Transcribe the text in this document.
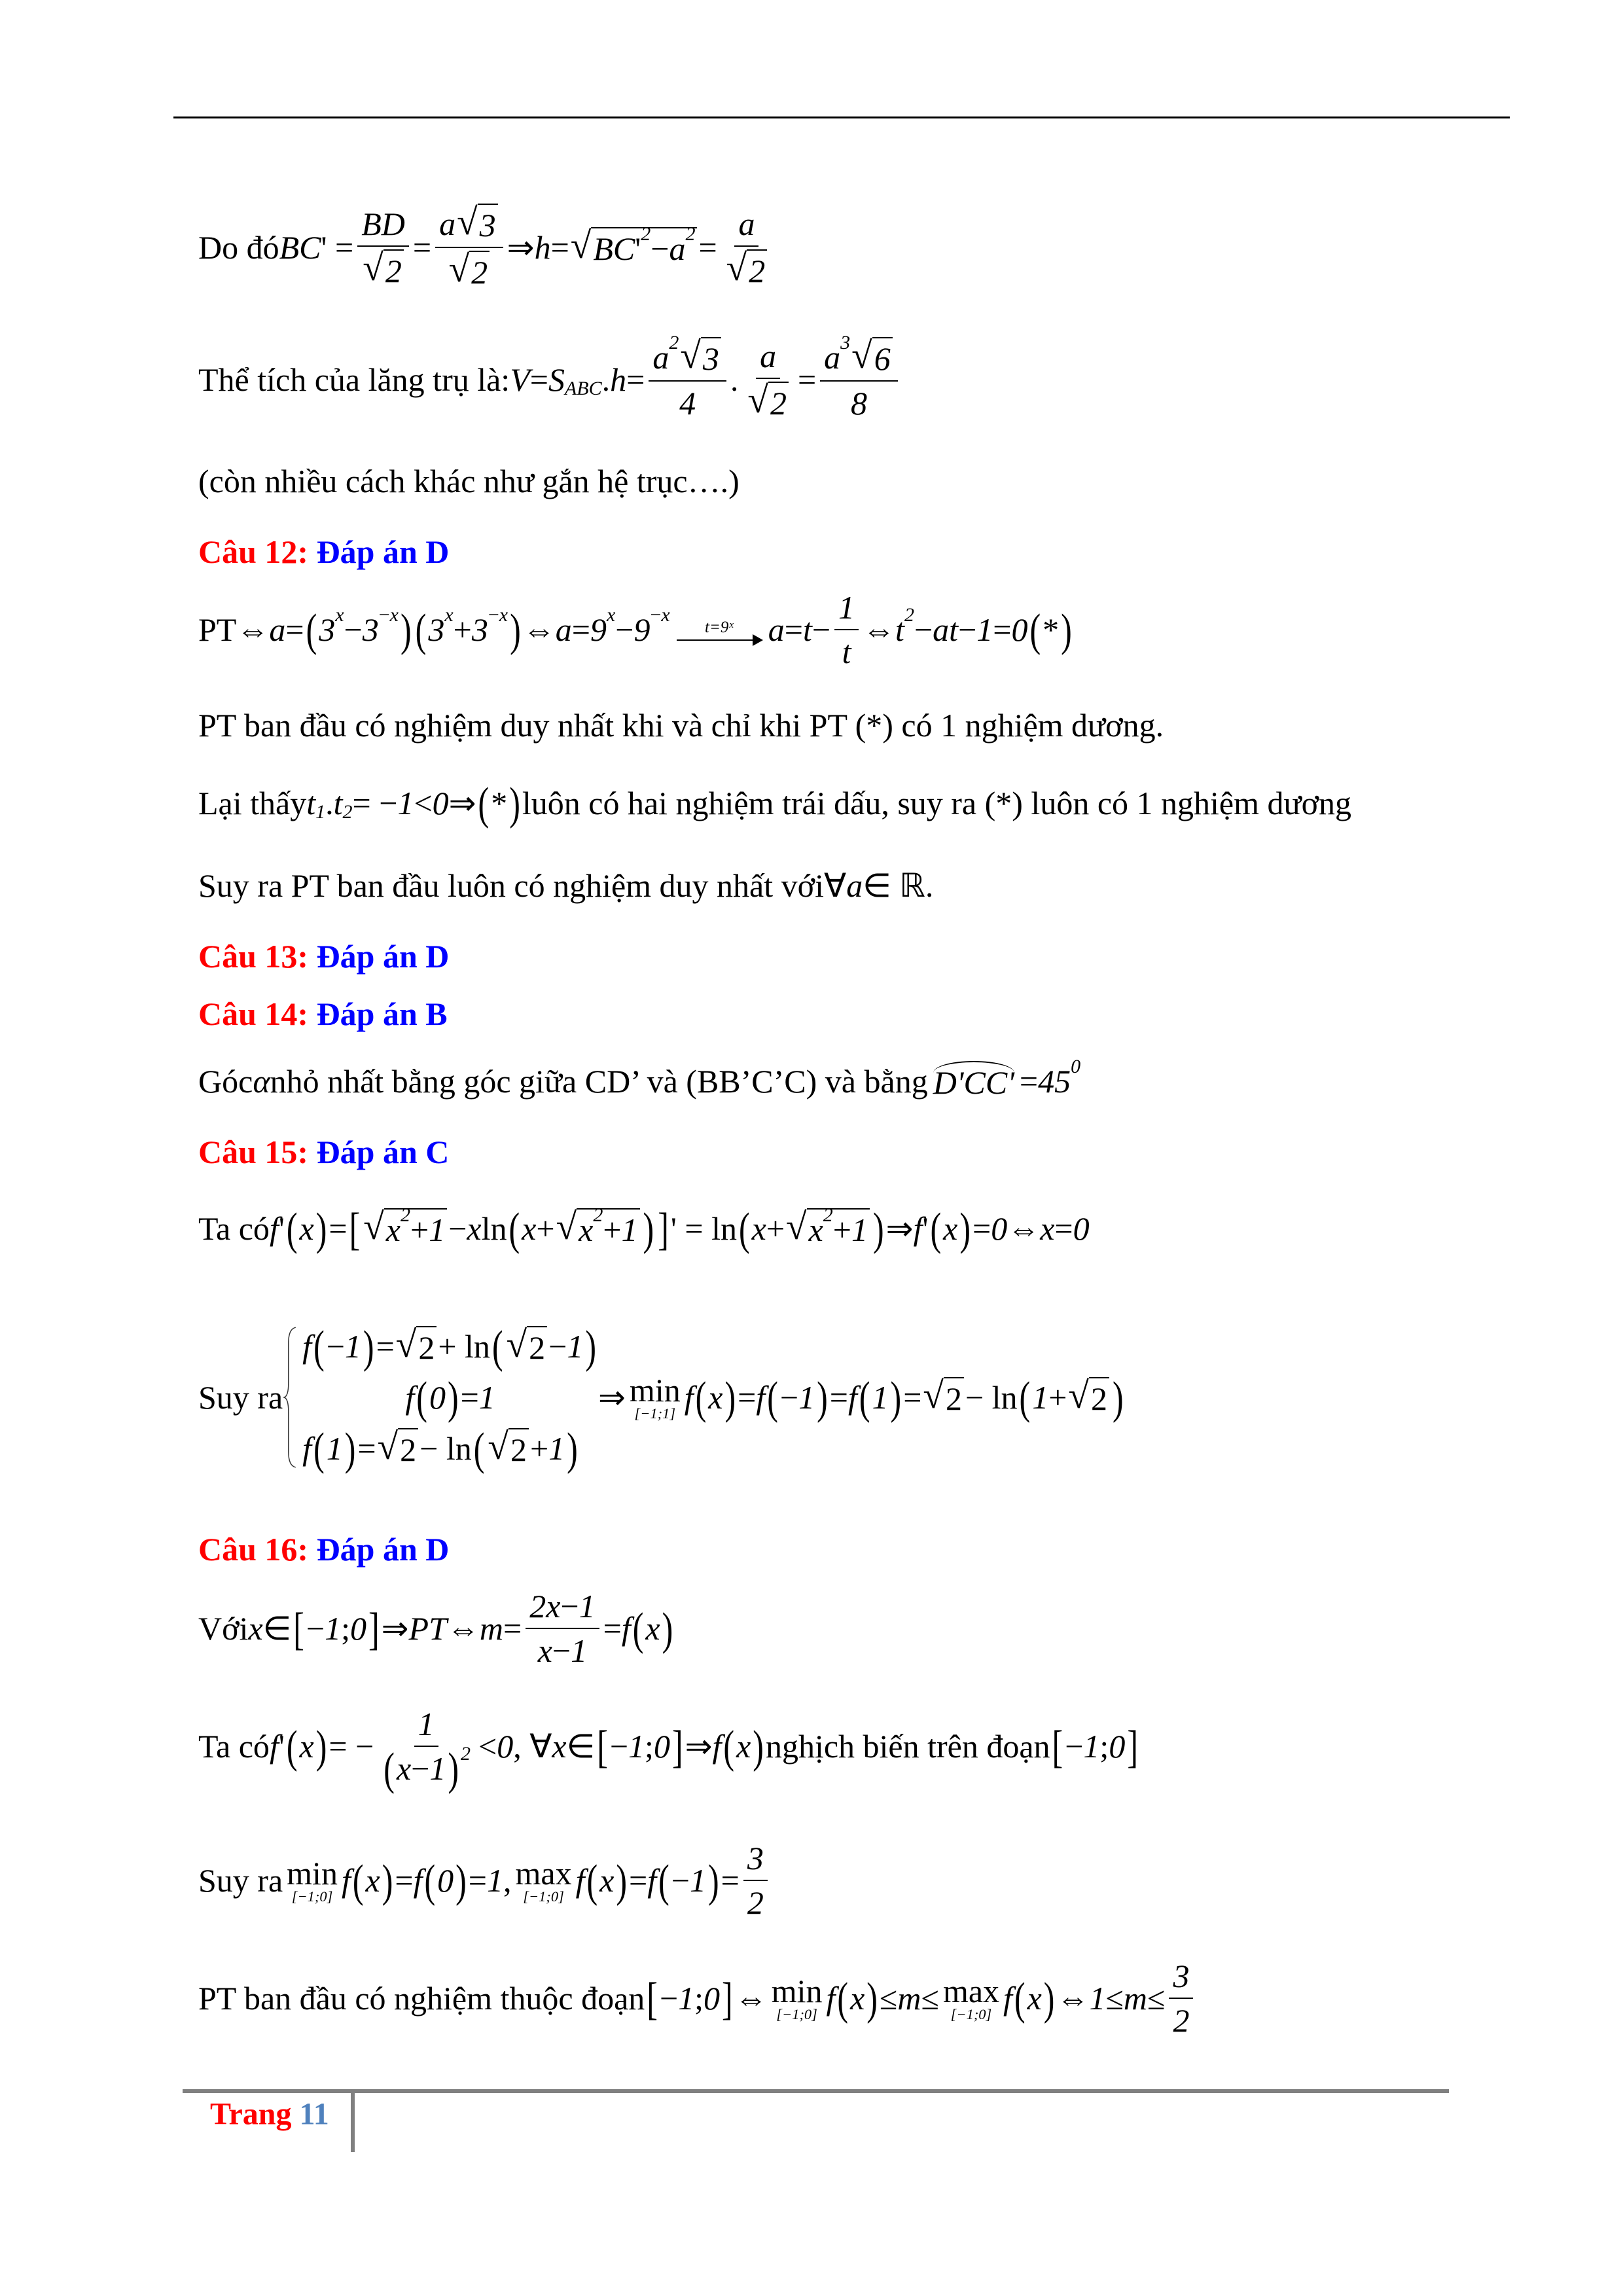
Do đó BC ' = $\frac{BD}{√ 2} = \frac{a √ 3}{√ 2}$ ⇒ h = √ BC ' 2 − a $2 = \frac{a}{√ 2}$
Thể tích của lăng trụ là: V = S ABC . $h = \frac{a 2 √ 3}{4}$ . $\frac{a}{√ 2} = \frac{a 3 √ 6}{8}$
(còn nhiều cách khác như gắn hệ trục….)
Câu 12:
Đáp án D
PT ⇔ a = ( 3 x − 3 − x ) ( 3 x + 3 − x ) ⇔ a = 9 x − 9 − x
t=9ˣ $a = t - \frac{1}{t}$ ⇔ t 2 − at − 1 = 0 ( * )
PT ban đầu có nghiệm duy nhất khi và chỉ khi PT (*) có 1 nghiệm dương.
Lại thấy t 1 . t 2 = − 1 < 0 ⇒ ( * ) luôn có hai nghiệm trái dấu, suy ra (*) luôn có 1 nghiệm dương
Suy ra PT ban đầu luôn có nghiệm duy nhất với ∀ a ∈ ℝ .
Câu 13:
Đáp án D
Câu 14:
Đáp án B
Góc α nhỏ nhất bằng góc giữa CD’ và (BB’C’C) và bằng D'CC' = 45 0
Câu 15:
Đáp án C
Ta có f ' ( x ) = [ √ x 2 + 1 − x ln ( x + √ x 2 + 1 ) ] ' = ln ( x + √ x 2 + 1 ) ⇒ f ' ( x ) = 0 ⇔ x = 0
Suy ra
f ( − 1 ) = √ 2 + ln ( √ 2 − 1 )
f ( 0 ) = 1
f ( 1 ) = √ 2 − ln ( √ 2 + 1 )
⇒ min
[−1;1] f ( x ) = f ( − 1 ) = f ( 1 ) = √ 2 − ln ( 1 + √ 2 )
Câu 16:
Đáp án D
Với x ∈ [ − 1 ; 0 ] ⇒ PT ⇔ $m = \frac{2x - 1}{x - 1} = f$ ( x )
Ta có f ' ( x ) = − $\frac{1}{( x - 1 ) 2} < 0$ , ∀ x ∈ [ − 1 ; 0 ] ⇒ f ( x ) nghịch biến trên đoạn [ − 1 ; 0 ]
Suy ra min
[−1;0] f ( x ) = f ( 0 ) = 1 , max
[−1;0] f ( x ) = f ( − 1 ) = $\frac{3}{2}$
PT ban đầu có nghiệm thuộc đoạn [ − 1 ; 0 ] ⇔ min
[−1;0] f ( x ) ≤ m ≤ max
[−1;0] f ( x ) ⇔ $1 \le m \le \frac{3}{2}$
Trang 11
